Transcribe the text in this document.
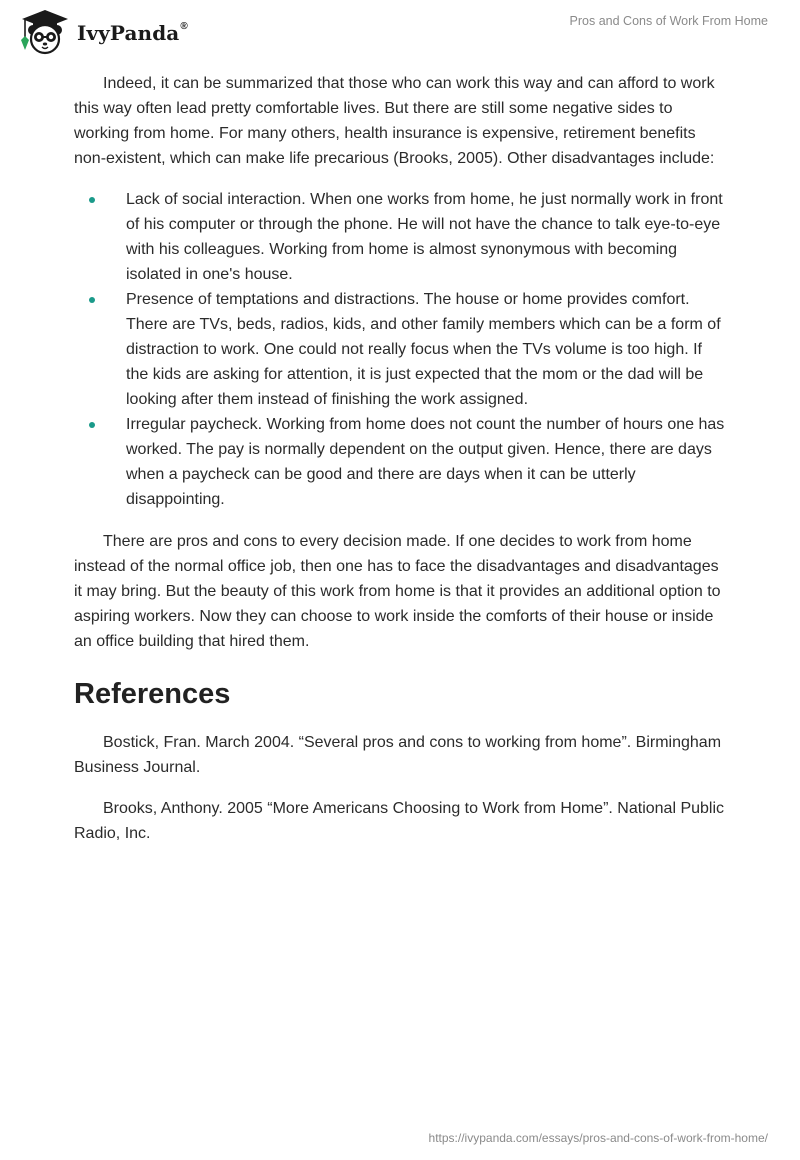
IvyPanda®	Pros and Cons of Work From Home

Indeed, it can be summarized that those who can work this way and can afford to work this way often lead pretty comfortable lives. But there are still some negative sides to working from home. For many others, health insurance is expensive, retirement benefits non-existent, which can make life precarious (Brooks, 2005). Other disadvantages include:

Lack of social interaction. When one works from home, he just normally work in front of his computer or through the phone. He will not have the chance to talk eye-to-eye with his colleagues. Working from home is almost synonymous with becoming isolated in one's house.
Presence of temptations and distractions. The house or home provides comfort. There are TVs, beds, radios, kids, and other family members which can be a form of distraction to work. One could not really focus when the TVs volume is too high. If the kids are asking for attention, it is just expected that the mom or the dad will be looking after them instead of finishing the work assigned.
Irregular paycheck. Working from home does not count the number of hours one has worked. The pay is normally dependent on the output given. Hence, there are days when a paycheck can be good and there are days when it can be utterly disappointing.

There are pros and cons to every decision made. If one decides to work from home instead of the normal office job, then one has to face the disadvantages and disadvantages it may bring. But the beauty of this work from home is that it provides an additional option to aspiring workers. Now they can choose to work inside the comforts of their house or inside an office building that hired them.

References

Bostick, Fran. March 2004. “Several pros and cons to working from home”. Birmingham Business Journal.

Brooks, Anthony. 2005 “More Americans Choosing to Work from Home”. National Public Radio, Inc.

https://ivypanda.com/essays/pros-and-cons-of-work-from-home/
